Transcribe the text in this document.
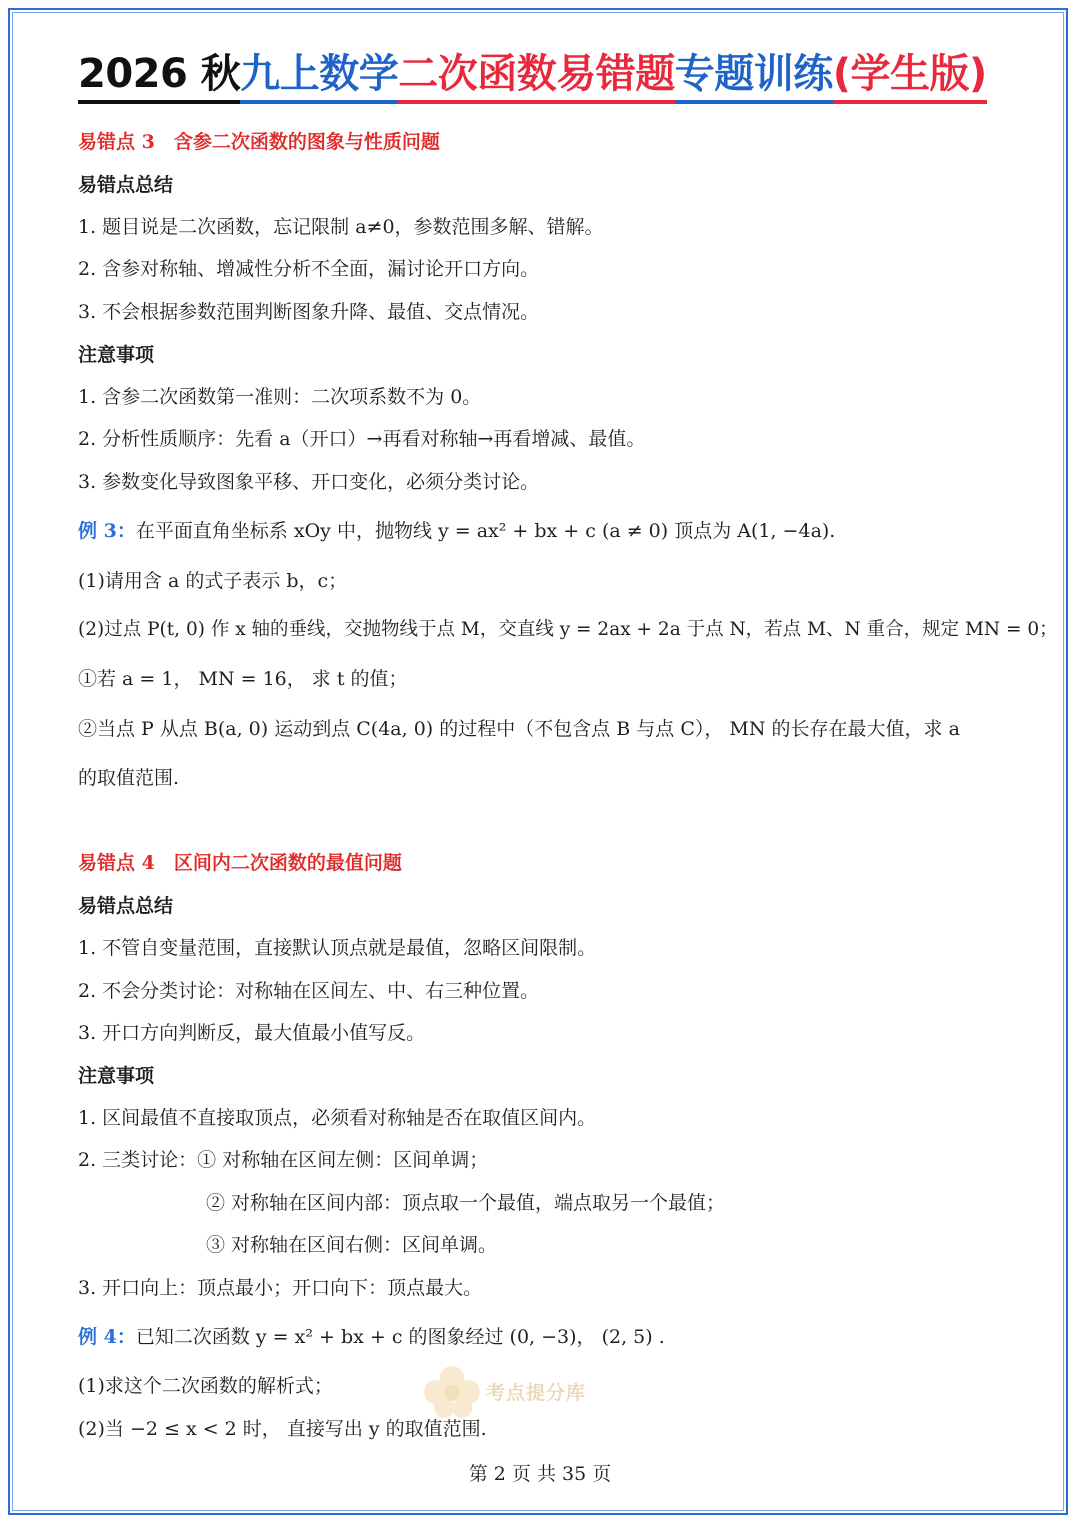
2026 秋九上数学二次函数易错题专题训练(学生版)
易错点 3　含参二次函数的图象与性质问题
易错点总结
1. 题目说是二次函数，忘记限制 a≠0，参数范围多解、错解。
2. 含参对称轴、增减性分析不全面，漏讨论开口方向。
3. 不会根据参数范围判断图象升降、最值、交点情况。
注意事项
1. 含参二次函数第一准则：二次项系数不为 0。
2. 分析性质顺序：先看 a（开口）→再看对称轴→再看增减、最值。
3. 参数变化导致图象平移、开口变化，必须分类讨论。
例 3：在平面直角坐标系 xOy 中，抛物线 y = ax² + bx + c (a ≠ 0) 顶点为 A(1, −4a).
(1)请用含 a 的式子表示 b，c；
(2)过点 P(t, 0) 作 x 轴的垂线，交抛物线于点 M，交直线 y = 2ax + 2a 于点 N，若点 M、N 重合，规定 MN = 0；
①若 a = 1， MN = 16， 求 t 的值；
②当点 P 从点 B(a, 0) 运动到点 C(4a, 0) 的过程中（不包含点 B 与点 C）， MN 的长存在最大值，求 a
的取值范围.
易错点 4　区间内二次函数的最值问题
易错点总结
1. 不管自变量范围，直接默认顶点就是最值，忽略区间限制。
2. 不会分类讨论：对称轴在区间左、中、右三种位置。
3. 开口方向判断反，最大值最小值写反。
注意事项
1. 区间最值不直接取顶点，必须看对称轴是否在取值区间内。
2. 三类讨论：① 对称轴在区间左侧：区间单调；
② 对称轴在区间内部：顶点取一个最值，端点取另一个最值；
③ 对称轴在区间右侧：区间单调。
3. 开口向上：顶点最小；开口向下：顶点最大。
例 4：已知二次函数 y = x² + bx + c 的图象经过 (0, −3)， (2, 5) .
(1)求这个二次函数的解析式；
(2)当 −2 ≤ x < 2 时， 直接写出 y 的取值范围.
考点提分库
第 2 页 共 35 页
